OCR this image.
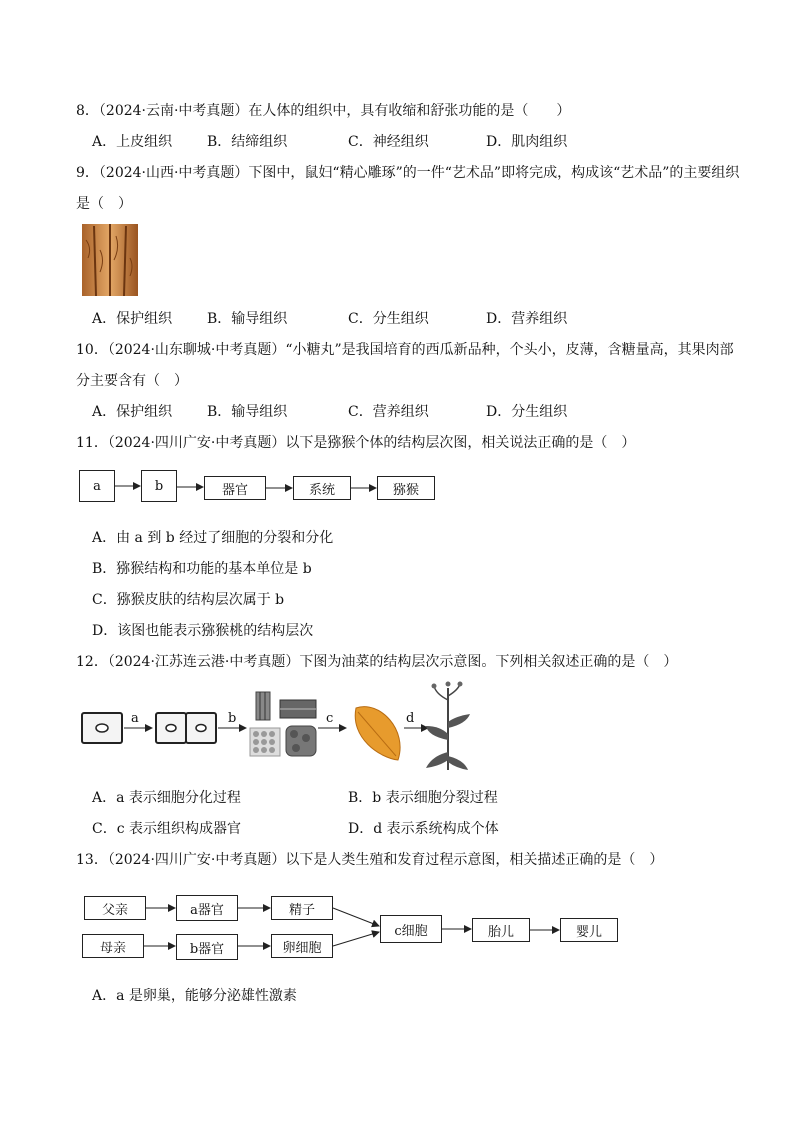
8．（2024·云南·中考真题）在人体的组织中，具有收缩和舒张功能的是（　　）
A．上皮组织 B．结缔组织	C．神经组织	D．肌肉组织
9．（2024·山西·中考真题）下图中，鼠妇“精心雕琢”的一件“艺术品”即将完成，构成该“艺术品”的主要组织
是（　）
A．保护组织 B．输导组织	C．分生组织	D．营养组织
10．（2024·山东聊城·中考真题）“小糖丸”是我国培育的西瓜新品种，个头小，皮薄，含糖量高，其果肉部
分主要含有（　）
A．保护组织 B．输导组织	C．营养组织	D．分生组织
11．（2024·四川广安·中考真题）以下是猕猴个体的结构层次图，相关说法正确的是（　）
a	b	器官	系统	猕猴
A．由 a 到 b 经过了细胞的分裂和分化
B．猕猴结构和功能的基本单位是 b
C．猕猴皮肤的结构层次属于 b
D．该图也能表示猕猴桃的结构层次
12．（2024·江苏连云港·中考真题）下图为油菜的结构层次示意图。下列相关叙述正确的是（　）
a	b	c	d
A．a 表示细胞分化过程	B．b 表示细胞分裂过程
C．c 表示组织构成器官	D．d 表示系统构成个体
13．（2024·四川广安·中考真题）以下是人类生殖和发育过程示意图，相关描述正确的是（　）
父亲	a器官
母亲	b器官
精子
卵细胞
c细胞	胎儿	婴儿
A．a 是卵巢，能够分泌雄性激素
